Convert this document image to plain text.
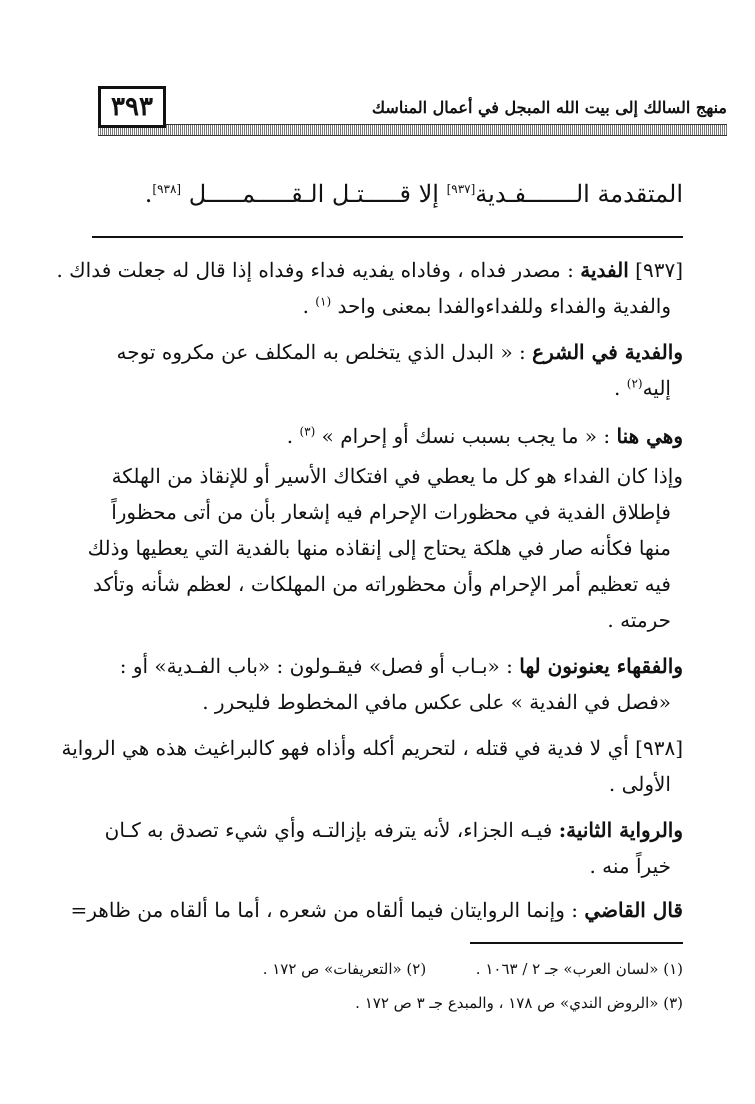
منهج السالك إلى بيت الله المبجل في أعمال المناسك
٣٩٣
المتقدمة الـــــــفـدية[٩٣٧] إلا قـــــتـل الـقـــــمـــــل [٩٣٨].
[٩٣٧] الفدية : مصدر فداه ، وفاداه يفديه فداء وفداه إذا قال له جعلت فداك .
والفدية والفداء وللفداءوالفدا بمعنى واحد $^{(١)}$ .
والفدية في الشرع : « البدل الذي يتخلص به المكلف عن مكروه توجه
إليه$^{(٢)}$ .
وهي هنا : « ما يجب بسبب نسك أو إحرام » $^{(٣)}$ .
وإذا كان الفداء هو كل ما يعطي في افتكاك الأسير أو للإنقاذ من الهلكة
فإطلاق الفدية في محظورات الإحرام فيه إشعار بأن من أتى محظوراً
منها فكأنه صار في هلكة يحتاج إلى إنقاذه منها بالفدية التي يعطيها وذلك
فيه تعظيم أمر الإحرام وأن محظوراته من المهلكات ، لعظم شأنه وتأكد
حرمته .
والفقهاء يعنونون لها : «بـاب أو فصل» فيقـولون : «باب الفـدية» أو :
«فصل في الفدية » على عكس مافي المخطوط فليحرر .
[٩٣٨] أي لا فدية في قتله ، لتحريم أكله وأذاه فهو كالبراغيث هذه هي الرواية
الأولى .
والرواية الثانية: فيـه الجزاء، لأنه يترفه بإزالتـه وأي شيء تصدق به كـان
خيراً منه .
قال القاضي : وإنما الروايتان فيما ألقاه من شعره ، أما ما ألقاه من ظاهر=
(١) «لسان العرب» جـ ٢ / ١٠٦٣ .  (٢) «التعريفات» ص ١٧٢ .
(٣) «الروض الندي» ص ١٧٨ ، والمبدع جـ ٣ ص ١٧٢ .
